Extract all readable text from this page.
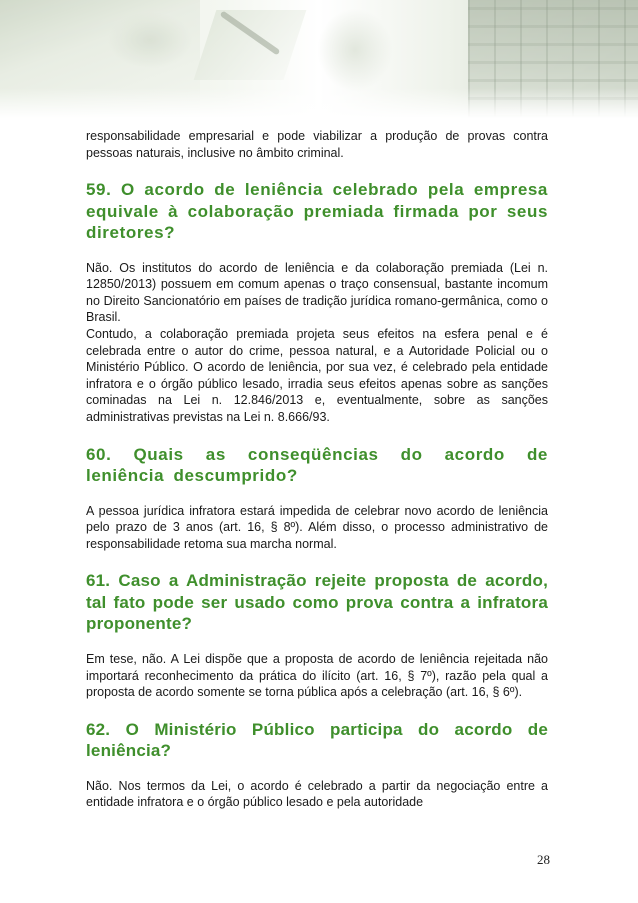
responsabilidade empresarial e pode viabilizar a produção de provas contra pessoas naturais, inclusive no âmbito criminal.

59. O acordo de leniência celebrado pela empresa equivale à colaboração premiada firmada por seus diretores?

Não. Os institutos do acordo de leniência e da colaboração premiada (Lei n. 12850/2013) possuem em comum apenas o traço consensual, bastante incomum no Direito Sancionatório em países de tradição jurídica romano-germânica, como o Brasil.

Contudo, a colaboração premiada projeta seus efeitos na esfera penal e é celebrada entre o autor do crime, pessoa natural, e a Autoridade Policial ou o Ministério Público. O acordo de leniência, por sua vez, é celebrado pela entidade infratora e o órgão público lesado, irradia seus efeitos apenas sobre as sanções cominadas na Lei n. 12.846/2013 e, eventualmente, sobre as sanções administrativas previstas na Lei n. 8.666/93.

60. Quais as conseqüências do acordo de leniência descumprido?

A pessoa jurídica infratora estará impedida de celebrar novo acordo de leniência pelo prazo de 3 anos (art. 16, § 8º). Além disso, o processo administrativo de responsabilidade retoma sua marcha normal.

61. Caso a Administração rejeite proposta de acordo, tal fato pode ser usado como prova contra a infratora proponente?

Em tese, não. A Lei dispõe que a proposta de acordo de leniência rejeitada não importará reconhecimento da prática do ilícito (art. 16, § 7º), razão pela qual a proposta de acordo somente se torna pública após a celebração (art. 16, § 6º).

62. O Ministério Público participa do acordo de leniência?

Não. Nos termos da Lei, o acordo é celebrado a partir da negociação entre a entidade infratora e o órgão público lesado e pela autoridade

28
